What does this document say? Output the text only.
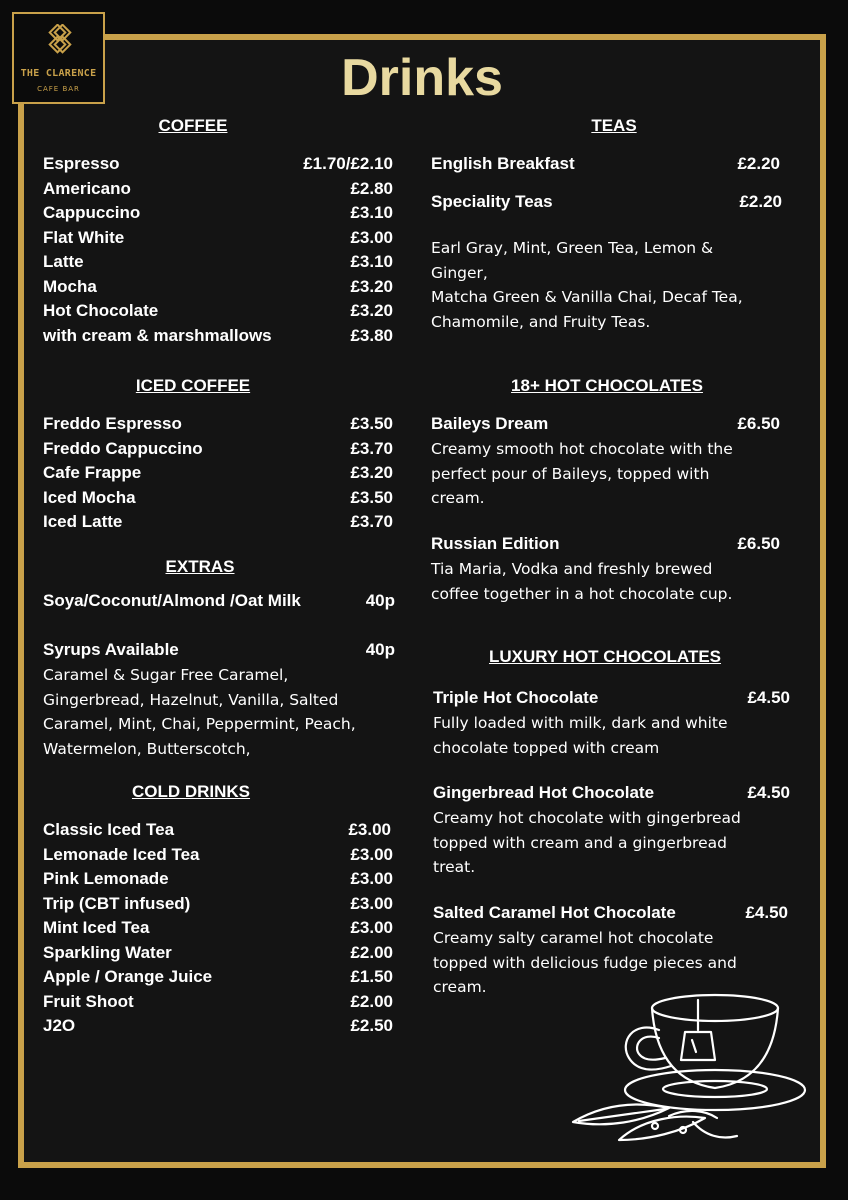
THE CLARENCE
CAFE BAR	Drinks
COFFEE
Espresso	£1.70/£2.10
Americano	£2.80
Cappuccino	£3.10
Flat White	£3.00
Latte	£3.10
Mocha	£3.20
Hot Chocolate	£3.20
with cream & marshmallows	£3.80
ICED COFFEE
Freddo Espresso	£3.50
Freddo Cappuccino	£3.70
Cafe Frappe	£3.20
Iced Mocha	£3.50
Iced Latte	£3.70
EXTRAS
Soya/Coconut/Almond /Oat Milk	40p
Syrups Available	40p
Caramel & Sugar Free Caramel,
Gingerbread, Hazelnut, Vanilla, Salted
Caramel, Mint, Chai, Peppermint, Peach,
Watermelon, Butterscotch,
COLD DRINKS
Classic Iced Tea	£3.00
Lemonade Iced Tea	£3.00
Pink Lemonade	£3.00
Trip (CBT infused)	£3.00
Mint Iced Tea	£3.00
Sparkling Water	£2.00
Apple / Orange Juice	£1.50
Fruit Shoot	£2.00
J2O	£2.50
TEAS
English Breakfast	£2.20
Speciality Teas	£2.20
Earl Gray, Mint, Green Tea, Lemon &
Ginger,
Matcha Green & Vanilla Chai, Decaf Tea,
Chamomile, and Fruity Teas.
18+ HOT CHOCOLATES
Baileys Dream	£6.50
Creamy smooth hot chocolate with the
perfect pour of Baileys, topped with
cream.
Russian Edition	£6.50
Tia Maria, Vodka and freshly brewed
coffee together in a hot chocolate cup.
LUXURY HOT CHOCOLATES
Triple Hot Chocolate	£4.50
Fully loaded with milk, dark and white
chocolate topped with cream
Gingerbread Hot Chocolate	£4.50
Creamy hot chocolate with gingerbread
topped with cream and a gingerbread
treat.
Salted Caramel Hot Chocolate	£4.50
Creamy salty caramel hot chocolate
topped with delicious fudge pieces and
cream.
